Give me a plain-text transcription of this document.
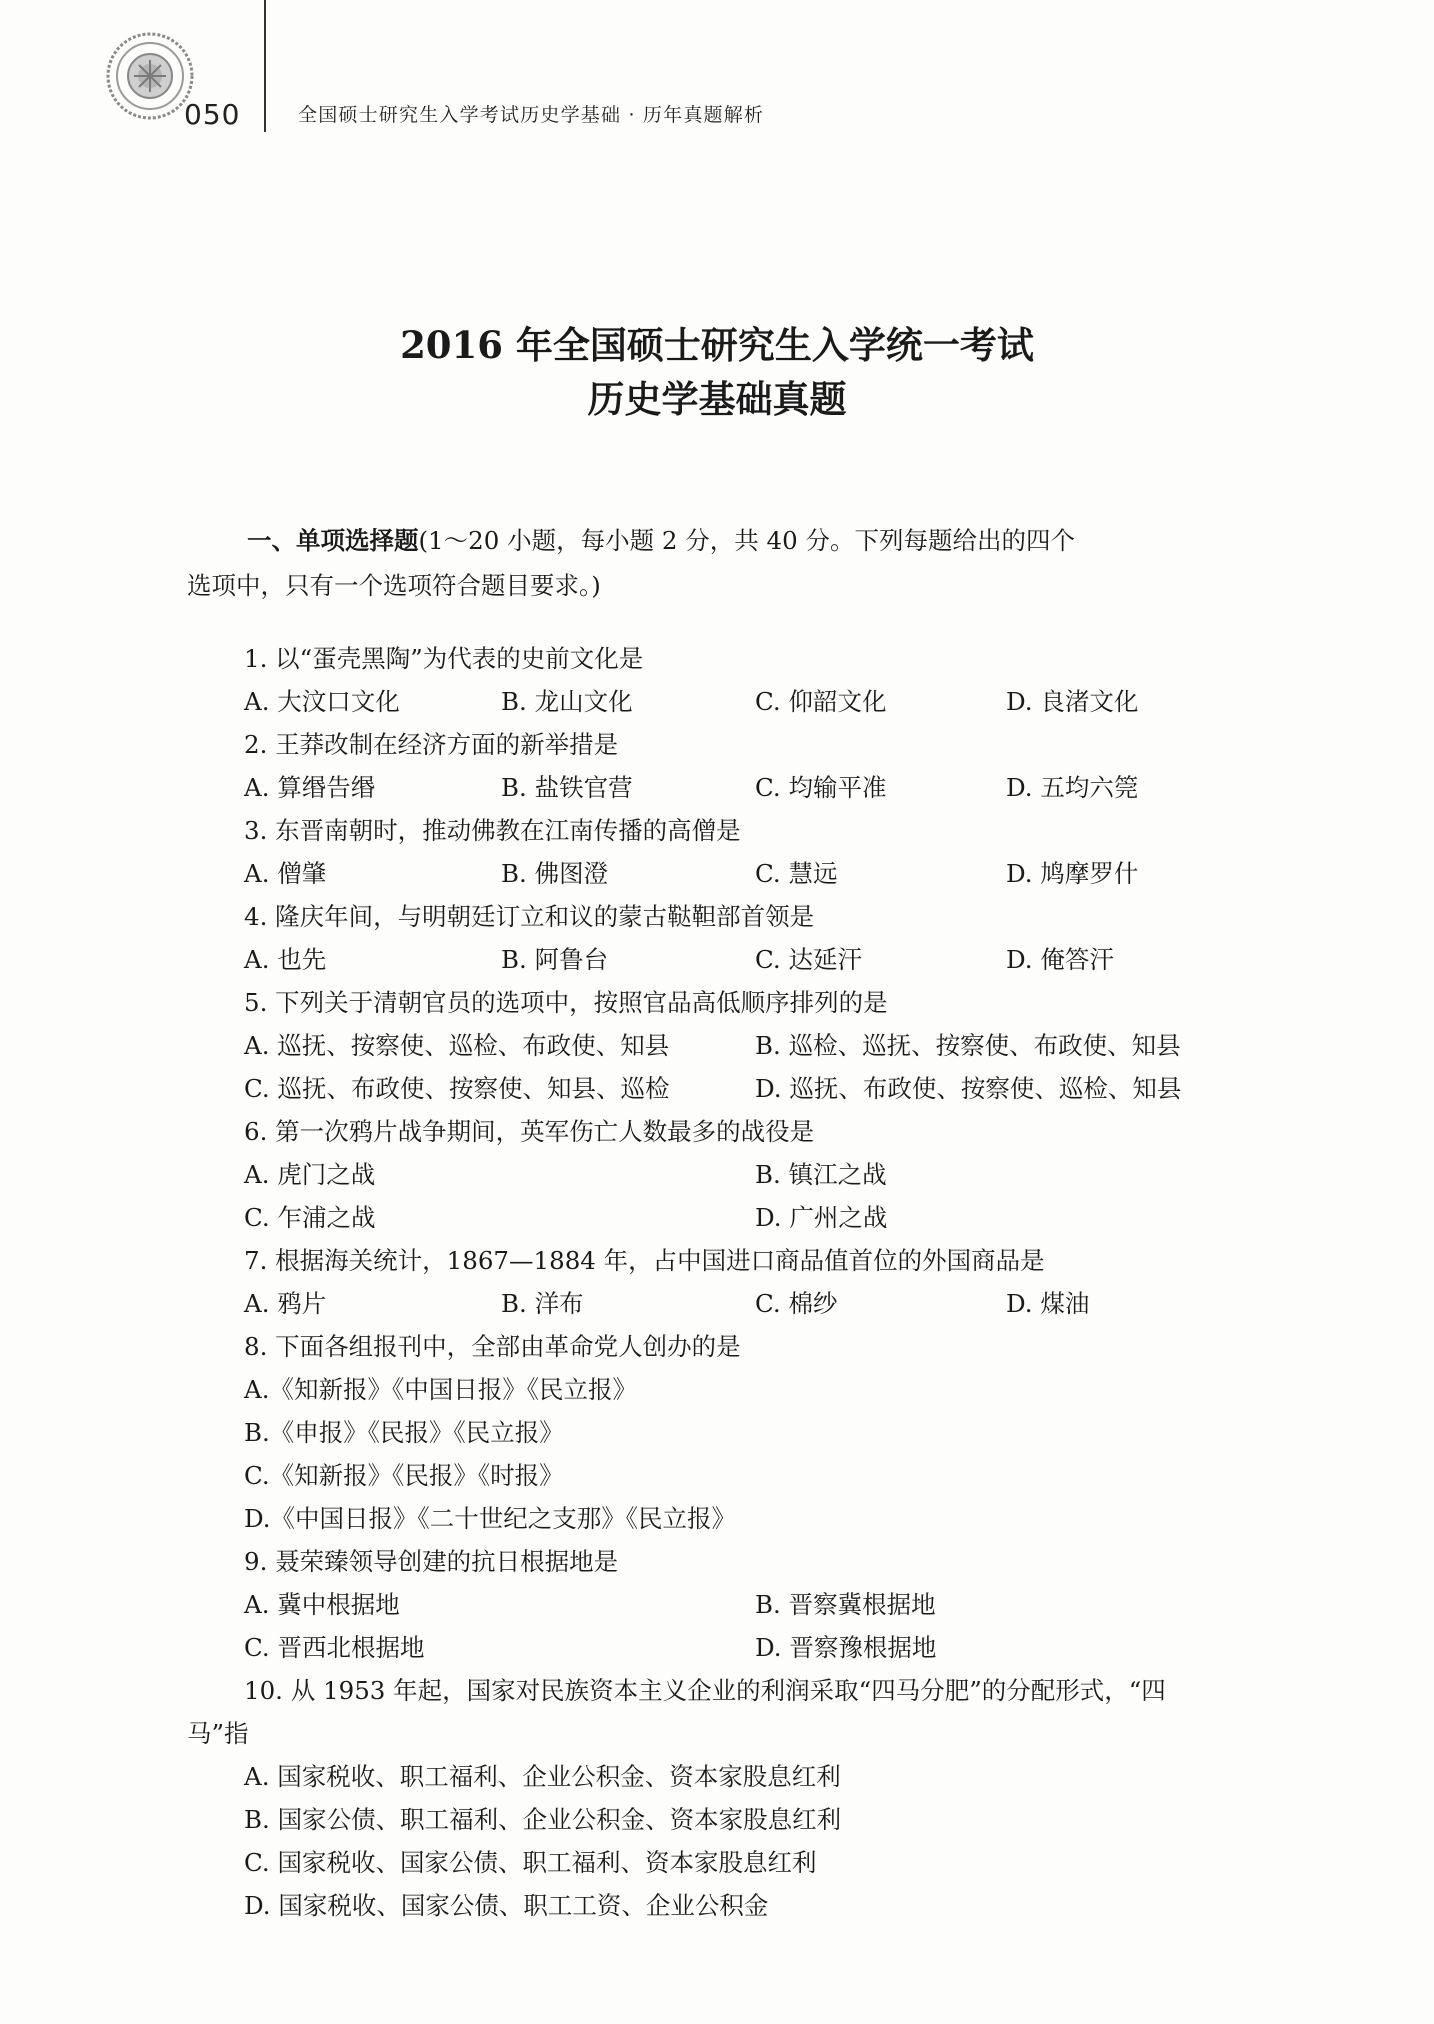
050	全国硕士研究生入学考试历史学基础 · 历年真题解析
2016 年全国硕士研究生入学统一考试
历史学基础真题
一、单项选择题(1～20 小题，每小题 2 分，共 40 分。下列每题给出的四个
选项中，只有一个选项符合题目要求。)
1. 以“蛋壳黑陶”为代表的史前文化是
A. 大汶口文化	B. 龙山文化	C. 仰韶文化	D. 良渚文化
2. 王莽改制在经济方面的新举措是
A. 算缗告缗	B. 盐铁官营	C. 均输平准	D. 五均六筦
3. 东晋南朝时，推动佛教在江南传播的高僧是
A. 僧肇	B. 佛图澄	C. 慧远	D. 鸠摩罗什
4. 隆庆年间，与明朝廷订立和议的蒙古鞑靼部首领是
A. 也先	B. 阿鲁台	C. 达延汗	D. 俺答汗
5. 下列关于清朝官员的选项中，按照官品高低顺序排列的是
A. 巡抚、按察使、巡检、布政使、知县	B. 巡检、巡抚、按察使、布政使、知县
C. 巡抚、布政使、按察使、知县、巡检	D. 巡抚、布政使、按察使、巡检、知县
6. 第一次鸦片战争期间，英军伤亡人数最多的战役是
A. 虎门之战	B. 镇江之战
C. 乍浦之战	D. 广州之战
7. 根据海关统计，1867—1884 年，占中国进口商品值首位的外国商品是
A. 鸦片	B. 洋布	C. 棉纱	D. 煤油
8. 下面各组报刊中，全部由革命党人创办的是
A.《知新报》《中国日报》《民立报》
B.《申报》《民报》《民立报》
C.《知新报》《民报》《时报》
D.《中国日报》《二十世纪之支那》《民立报》
9. 聂荣臻领导创建的抗日根据地是
A. 冀中根据地	B. 晋察冀根据地
C. 晋西北根据地	D. 晋察豫根据地
10. 从 1953 年起，国家对民族资本主义企业的利润采取“四马分肥”的分配形式，“四
马”指
A. 国家税收、职工福利、企业公积金、资本家股息红利
B. 国家公债、职工福利、企业公积金、资本家股息红利
C. 国家税收、国家公债、职工福利、资本家股息红利
D. 国家税收、国家公债、职工工资、企业公积金
